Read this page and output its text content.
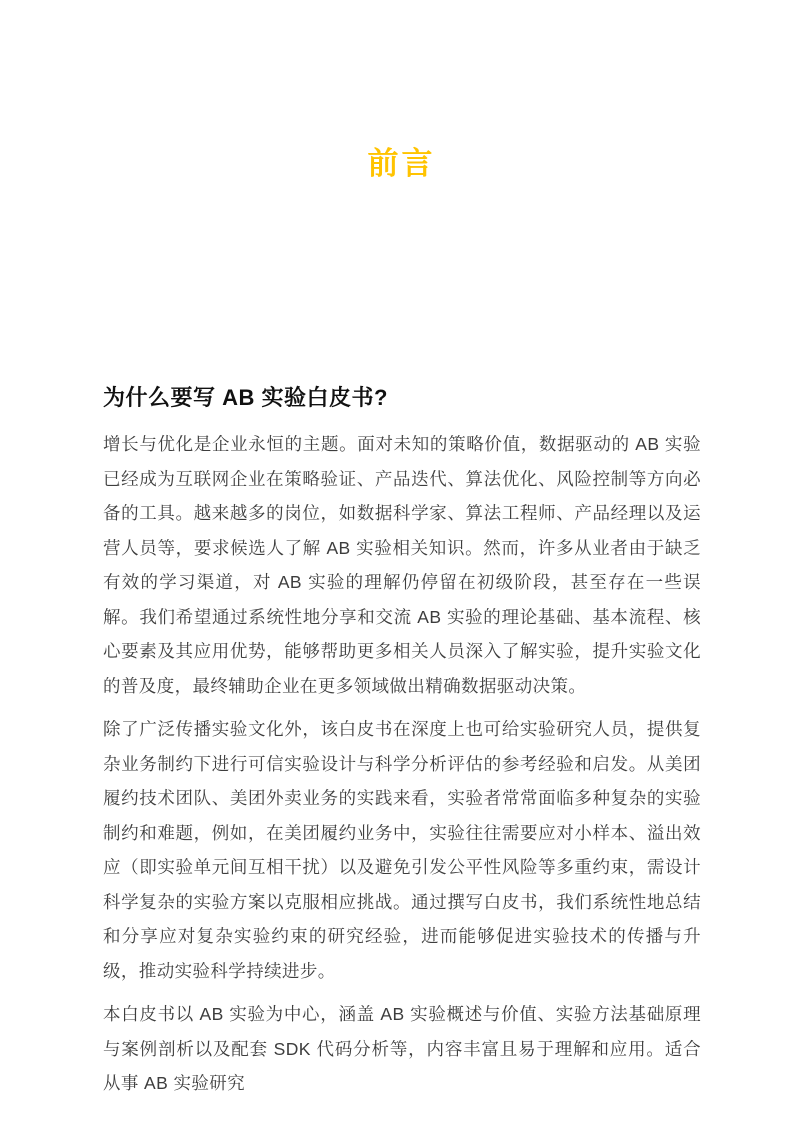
前言
为什么要写 AB 实验白皮书?

增长与优化是企业永恒的主题。面对未知的策略价值，数据驱动的 AB 实验已经成为互联网企业在策略验证、产品迭代、算法优化、风险控制等方向必备的工具。越来越多的岗位，如数据科学家、算法工程师、产品经理以及运营人员等，要求候选人了解 AB 实验相关知识。然而，许多从业者由于缺乏有效的学习渠道，对 AB 实验的理解仍停留在初级阶段，甚至存在一些误解。我们希望通过系统性地分享和交流 AB 实验的理论基础、基本流程、核心要素及其应用优势，能够帮助更多相关人员深入了解实验，提升实验文化的普及度，最终辅助企业在更多领域做出精确数据驱动决策。

除了广泛传播实验文化外，该白皮书在深度上也可给实验研究人员，提供复杂业务制约下进行可信实验设计与科学分析评估的参考经验和启发。从美团履约技术团队、美团外卖业务的实践来看，实验者常常面临多种复杂的实验制约和难题，例如，在美团履约业务中，实验往往需要应对小样本、溢出效应（即实验单元间互相干扰）以及避免引发公平性风险等多重约束，需设计科学复杂的实验方案以克服相应挑战。通过撰写白皮书，我们系统性地总结和分享应对复杂实验约束的研究经验，进而能够促进实验技术的传播与升级，推动实验科学持续进步。

本白皮书以 AB 实验为中心，涵盖 AB 实验概述与价值、实验方法基础原理与案例剖析以及配套 SDK 代码分析等，内容丰富且易于理解和应用。适合从事 AB 实验研究
